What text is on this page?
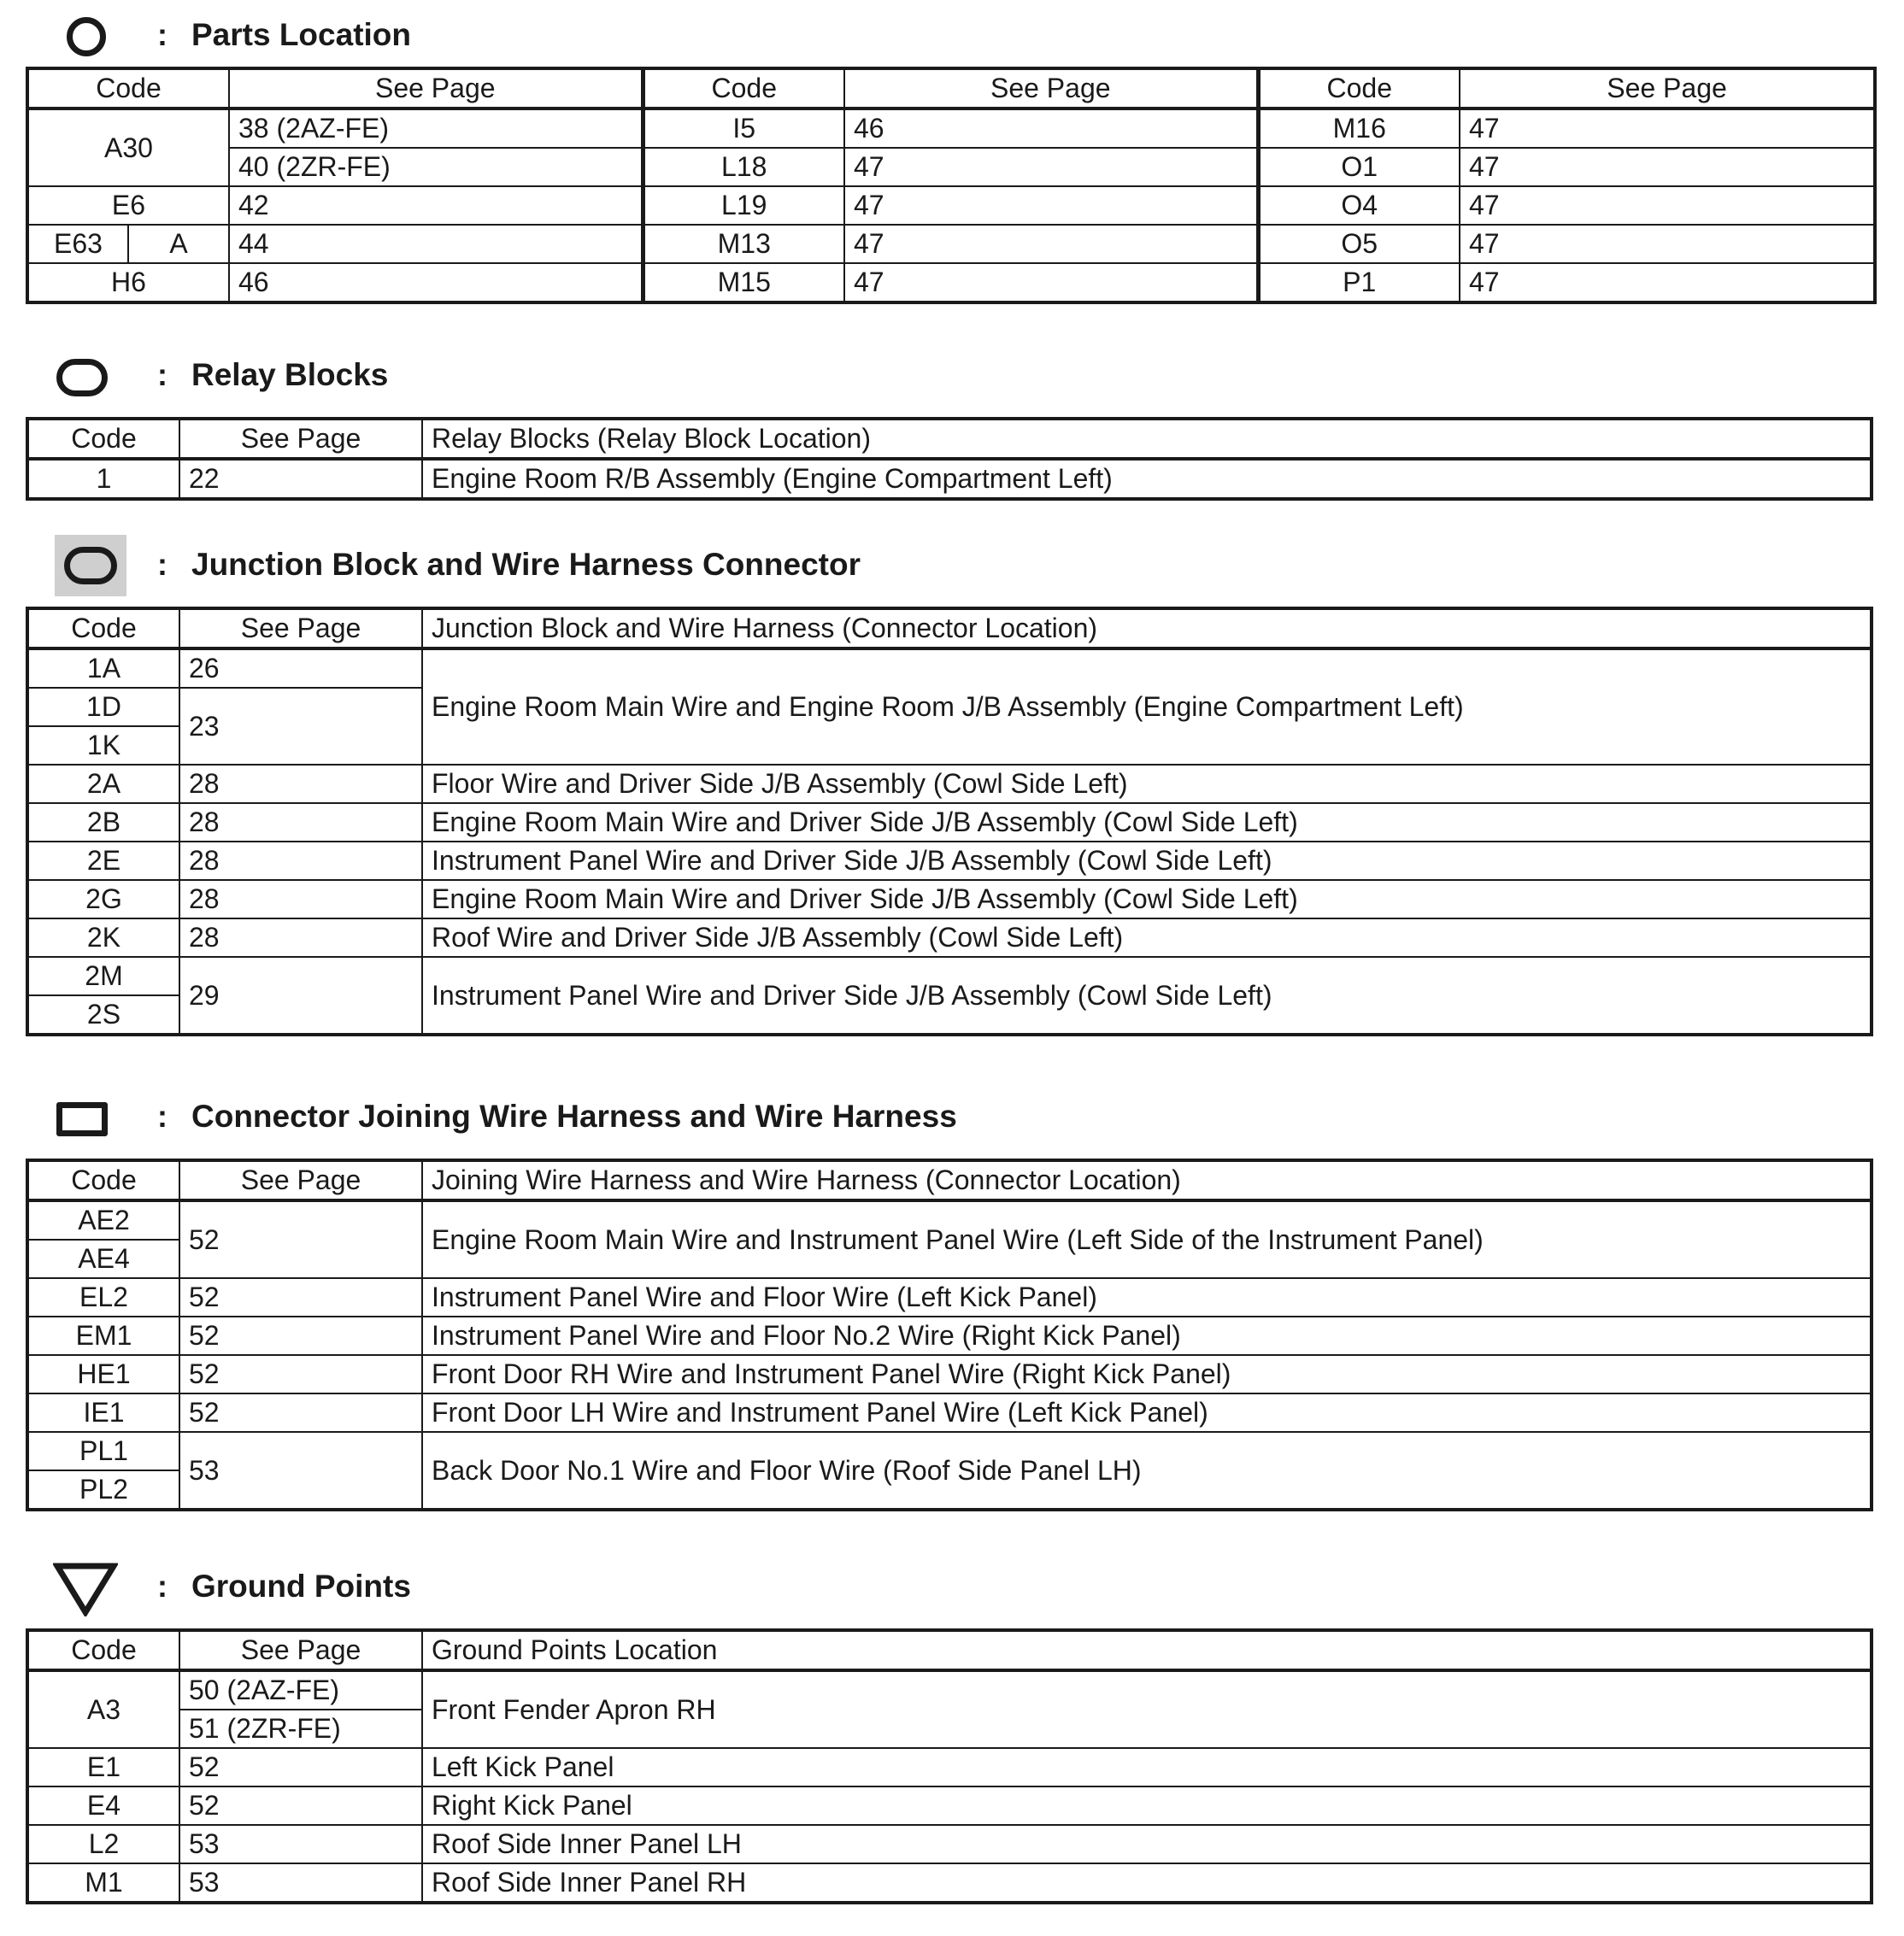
: Parts Location
Code		See Page	Code	See Page	Code	See Page
A30		38 (2AZ-FE)	I5	46	M16	47
		40 (2ZR-FE)	L18	47	O1	47
E6		42	L19	47	O4	47
E63	A	44	M13	47	O5	47
H6		46	M15	47	P1	47
: Relay Blocks
Code	See Page	Relay Blocks (Relay Block Location)
1	22	Engine Room R/B Assembly (Engine Compartment Left)
: Junction Block and Wire Harness Connector
Code	See Page	Junction Block and Wire Harness (Connector Location)
1A	26	Engine Room Main Wire and Engine Room J/B Assembly (Engine Compartment Left)
1D	23	
1K		
2A	28	Floor Wire and Driver Side J/B Assembly (Cowl Side Left)
2B	28	Engine Room Main Wire and Driver Side J/B Assembly (Cowl Side Left)
2E	28	Instrument Panel Wire and Driver Side J/B Assembly (Cowl Side Left)
2G	28	Engine Room Main Wire and Driver Side J/B Assembly (Cowl Side Left)
2K	28	Roof Wire and Driver Side J/B Assembly (Cowl Side Left)
2M	29	Instrument Panel Wire and Driver Side J/B Assembly (Cowl Side Left)
2S		
: Connector Joining Wire Harness and Wire Harness
Code	See Page	Joining Wire Harness and Wire Harness (Connector Location)
AE2	52	Engine Room Main Wire and Instrument Panel Wire (Left Side of the Instrument Panel)
AE4		
EL2	52	Instrument Panel Wire and Floor Wire (Left Kick Panel)
EM1	52	Instrument Panel Wire and Floor No.2 Wire (Right Kick Panel)
HE1	52	Front Door RH Wire and Instrument Panel Wire (Right Kick Panel)
IE1	52	Front Door LH Wire and Instrument Panel Wire (Left Kick Panel)
PL1	53	Back Door No.1 Wire and Floor Wire (Roof Side Panel LH)
PL2		
: Ground Points
Code	See Page	Ground Points Location
A3	50 (2AZ-FE)	Front Fender Apron RH
	51 (2ZR-FE)	
E1	52	Left Kick Panel
E4	52	Right Kick Panel
L2	53	Roof Side Inner Panel LH
M1	53	Roof Side Inner Panel RH
